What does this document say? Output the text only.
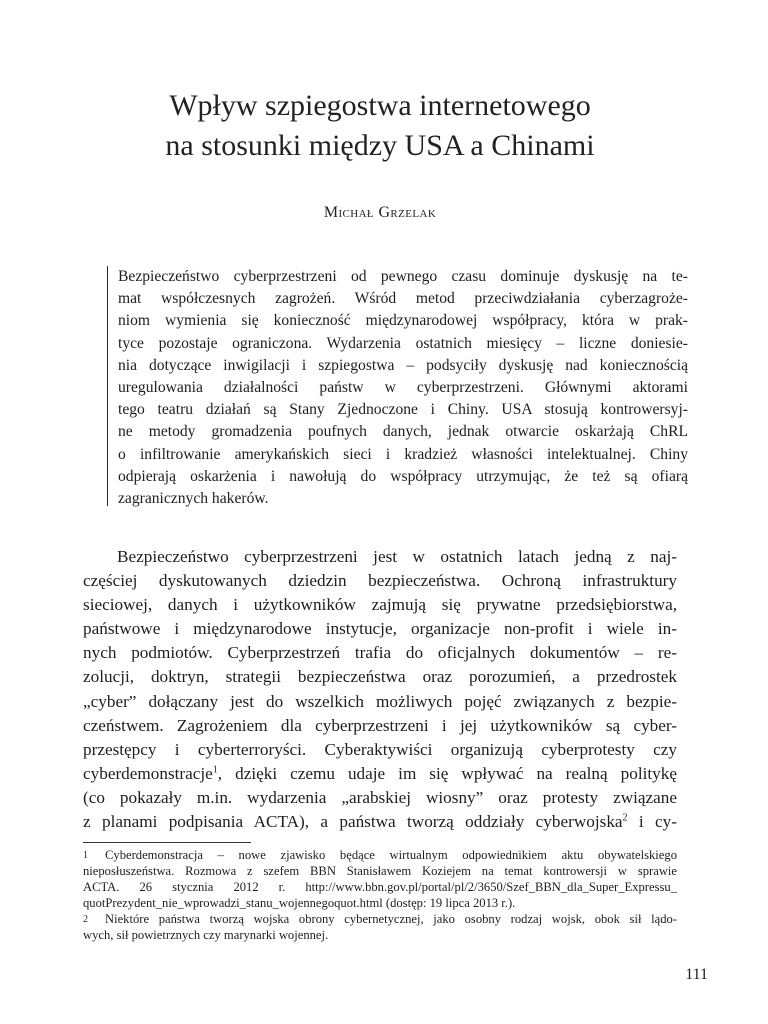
Wpływ szpiegostwa internetowego
na stosunki między USA a Chinami
Michał Grzelak
Bezpieczeństwo cyberprzestrzeni od pewnego czasu dominuje dyskusję na te-
mat współczesnych zagrożeń. Wśród metod przeciwdziałania cyberzagroże-
niom wymienia się konieczność międzynarodowej współpracy, która w prak-
tyce pozostaje ograniczona. Wydarzenia ostatnich miesięcy – liczne doniesie-
nia dotyczące inwigilacji i szpiegostwa – podsyciły dyskusję nad koniecznością
uregulowania działalności państw w cyberprzestrzeni. Głównymi aktorami
tego teatru działań są Stany Zjednoczone i Chiny. USA stosują kontrowersyj-
ne metody gromadzenia poufnych danych, jednak otwarcie oskarżają ChRL
o infiltrowanie amerykańskich sieci i kradzież własności intelektualnej. Chiny
odpierają oskarżenia i nawołują do współpracy utrzymując, że też są ofiarą
zagranicznych hakerów.
Bezpieczeństwo cyberprzestrzeni jest w ostatnich latach jedną z naj-
częściej dyskutowanych dziedzin bezpieczeństwa. Ochroną infrastruktury
sieciowej, danych i użytkowników zajmują się prywatne przedsiębiorstwa,
państwowe i międzynarodowe instytucje, organizacje non-profit i wiele in-
nych podmiotów. Cyberprzestrzeń trafia do oficjalnych dokumentów – re-
zolucji, doktryn, strategii bezpieczeństwa oraz porozumień, a przedrostek
„cyber” dołączany jest do wszelkich możliwych pojęć związanych z bezpie-
czeństwem. Zagrożeniem dla cyberprzestrzeni i jej użytkowników są cyber-
przestępcy i cyberterroryści. Cyberaktywiści organizują cyberprotesty czy
cyberdemonstracje$^1$, dzięki czemu udaje im się wpływać na realną politykę
(co pokazały m.in. wydarzenia „arabskiej wiosny” oraz protesty związane
z planami podpisania ACTA), a państwa tworzą oddziały cyberwojska$^2$ i cy-
1 Cyberdemonstracja – nowe zjawisko będące wirtualnym odpowiednikiem aktu obywatelskiego
nieposłuszeństwa. Rozmowa z szefem BBN Stanisławem Koziejem na temat kontrowersji w sprawie
ACTA. 26 stycznia 2012 r. http://www.bbn.gov.pl/portal/pl/2/3650/Szef_BBN_dla_Super_Expressu_
quotPrezydent_nie_wprowadzi_stanu_wojennegoquot.html (dostęp: 19 lipca 2013 r.).
2 Niektóre państwa tworzą wojska obrony cybernetycznej, jako osobny rodzaj wojsk, obok sił lądo-
wych, sił powietrznych czy marynarki wojennej.
111
